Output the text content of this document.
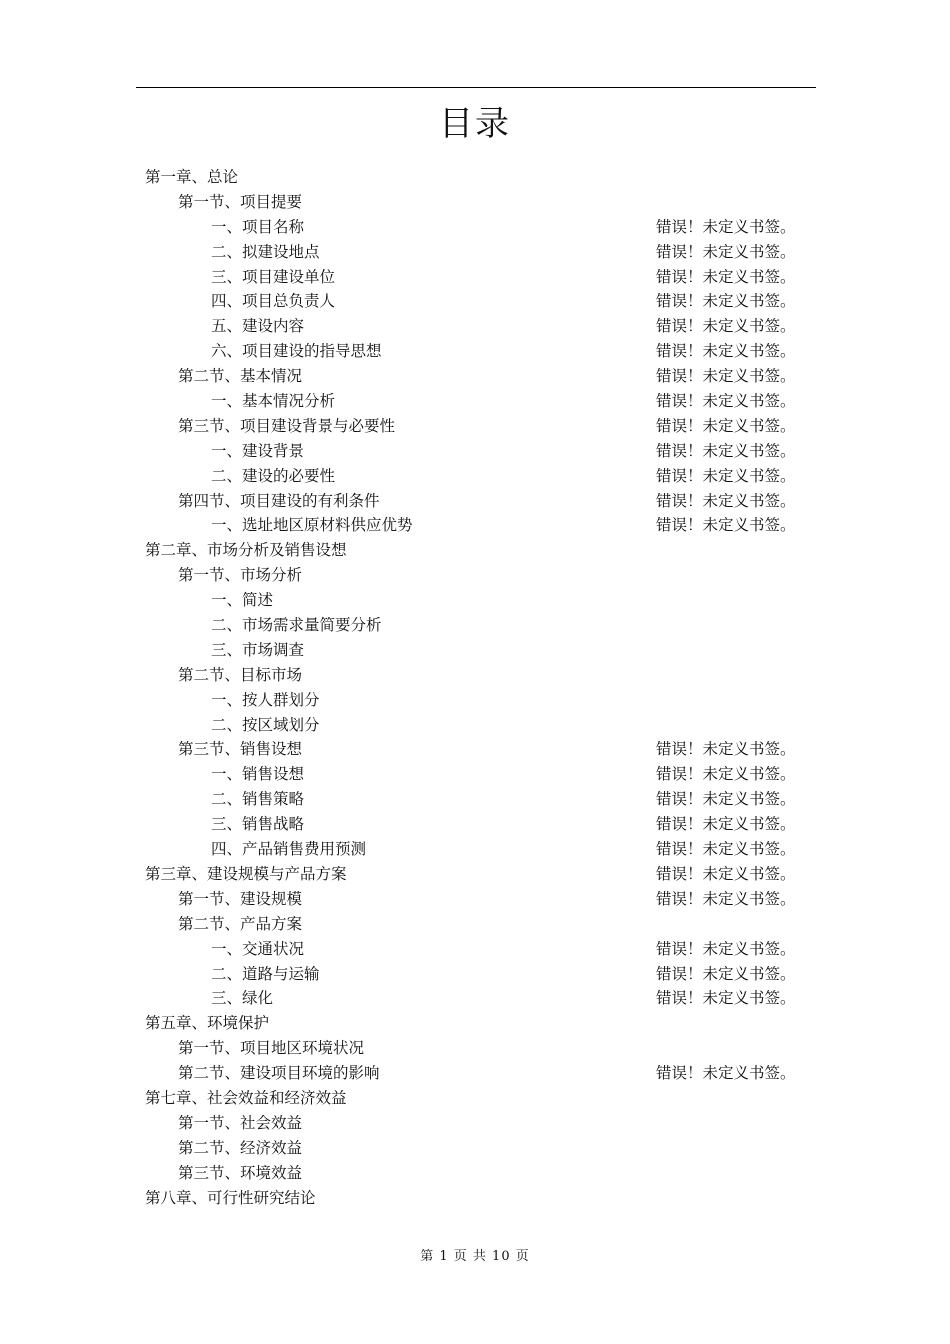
目录
第一章、总论
第一节、项目提要
一、项目名称	错误！未定义书签。
二、拟建设地点	错误！未定义书签。
三、项目建设单位	错误！未定义书签。
四、项目总负责人	错误！未定义书签。
五、建设内容	错误！未定义书签。
六、项目建设的指导思想	错误！未定义书签。
第二节、基本情况	错误！未定义书签。
一、基本情况分析	错误！未定义书签。
第三节、项目建设背景与必要性	错误！未定义书签。
一、建设背景	错误！未定义书签。
二、建设的必要性	错误！未定义书签。
第四节、项目建设的有利条件	错误！未定义书签。
一、选址地区原材料供应优势	错误！未定义书签。
第二章、市场分析及销售设想
第一节、市场分析
一、简述
二、市场需求量简要分析
三、市场调查
第二节、目标市场
一、按人群划分
二、按区域划分
第三节、销售设想	错误！未定义书签。
一、销售设想	错误！未定义书签。
二、销售策略	错误！未定义书签。
三、销售战略	错误！未定义书签。
四、产品销售费用预测	错误！未定义书签。
第三章、建设规模与产品方案	错误！未定义书签。
第一节、建设规模	错误！未定义书签。
第二节、产品方案
一、交通状况	错误！未定义书签。
二、道路与运输	错误！未定义书签。
三、绿化	错误！未定义书签。
第五章、环境保护
第一节、项目地区环境状况
第二节、建设项目环境的影响	错误！未定义书签。
第七章、社会效益和经济效益
第一节、社会效益
第二节、经济效益
第三节、环境效益
第八章、可行性研究结论
第 1 页 共 10 页
